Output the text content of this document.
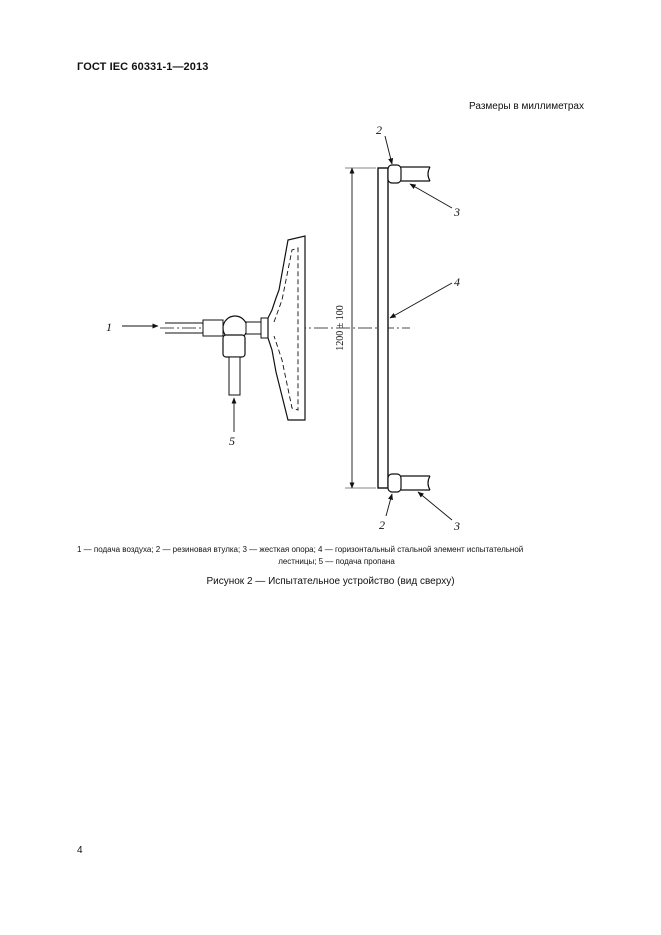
ГОСТ IEC 60331-1—2013
Размеры в миллиметрах
1200 ± 100
1
5
4
3
3
2
2
1 — подача воздуха; 2 — резиновая втулка; 3 — жесткая опора; 4 — горизонтальный стальной элемент испытательной

лестницы; 5 — подача пропана
Рисунок 2 — Испытательное устройство (вид сверху)
4
